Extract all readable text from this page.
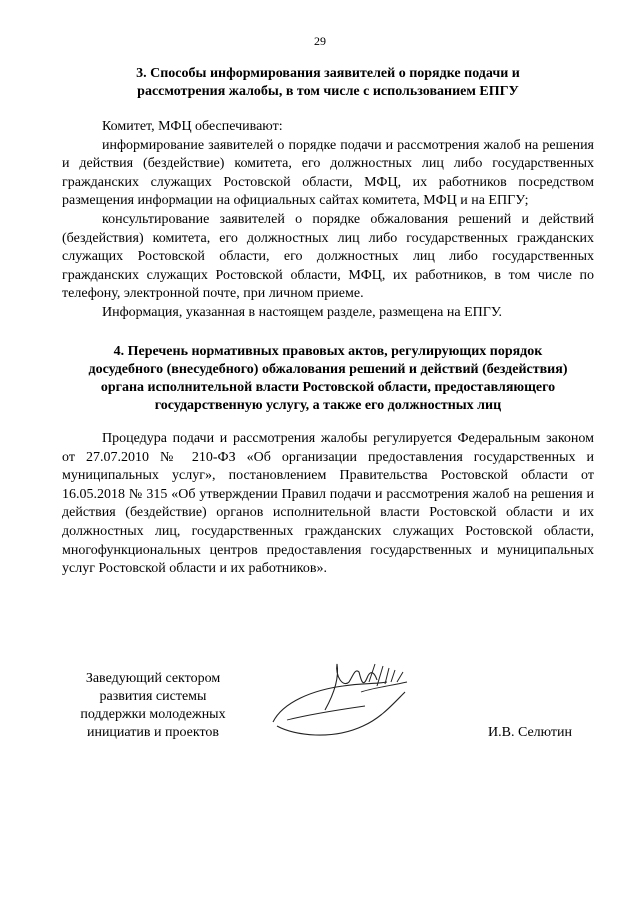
29
3. Способы информирования заявителей о порядке подачи и
рассмотрения жалобы, в том числе с использованием ЕПГУ

Комитет, МФЦ обеспечивают:

информирование заявителей о порядке подачи и рассмотрения жалоб на решения и действия (бездействие) комитета, его должностных лиц либо государственных гражданских служащих Ростовской области, МФЦ, их работников посредством размещения информации на официальных сайтах комитета, МФЦ и на ЕПГУ;

консультирование заявителей о порядке обжалования решений и действий (бездействия) комитета, его должностных лиц либо государственных гражданских служащих Ростовской области, его должностных лиц либо государственных гражданских служащих Ростовской области, МФЦ, их работников, в том числе по телефону, электронной почте, при личном приеме.

Информация, указанная в настоящем разделе, размещена на ЕПГУ.

4. Перечень нормативных правовых актов, регулирующих порядок
досудебного (внесудебного) обжалования решений и действий (бездействия)
органа исполнительной власти Ростовской области, предоставляющего
государственную услугу, а также его должностных лиц

Процедура подачи и рассмотрения жалобы регулируется Федеральным законом от 27.07.2010 № 210-ФЗ «Об организации предоставления государственных и муниципальных услуг», постановлением Правительства Ростовской области от 16.05.2018 № 315 «Об утверждении Правил подачи и рассмотрения жалоб на решения и действия (бездействие) органов исполнительной власти Ростовской области и их должностных лиц, государственных гражданских служащих Ростовской области, многофункциональных центров предоставления государственных и муниципальных услуг Ростовской области и их работников».

Заведующий сектором
развития системы
поддержки молодежных
инициатив и проектов	И.В. Селютин
